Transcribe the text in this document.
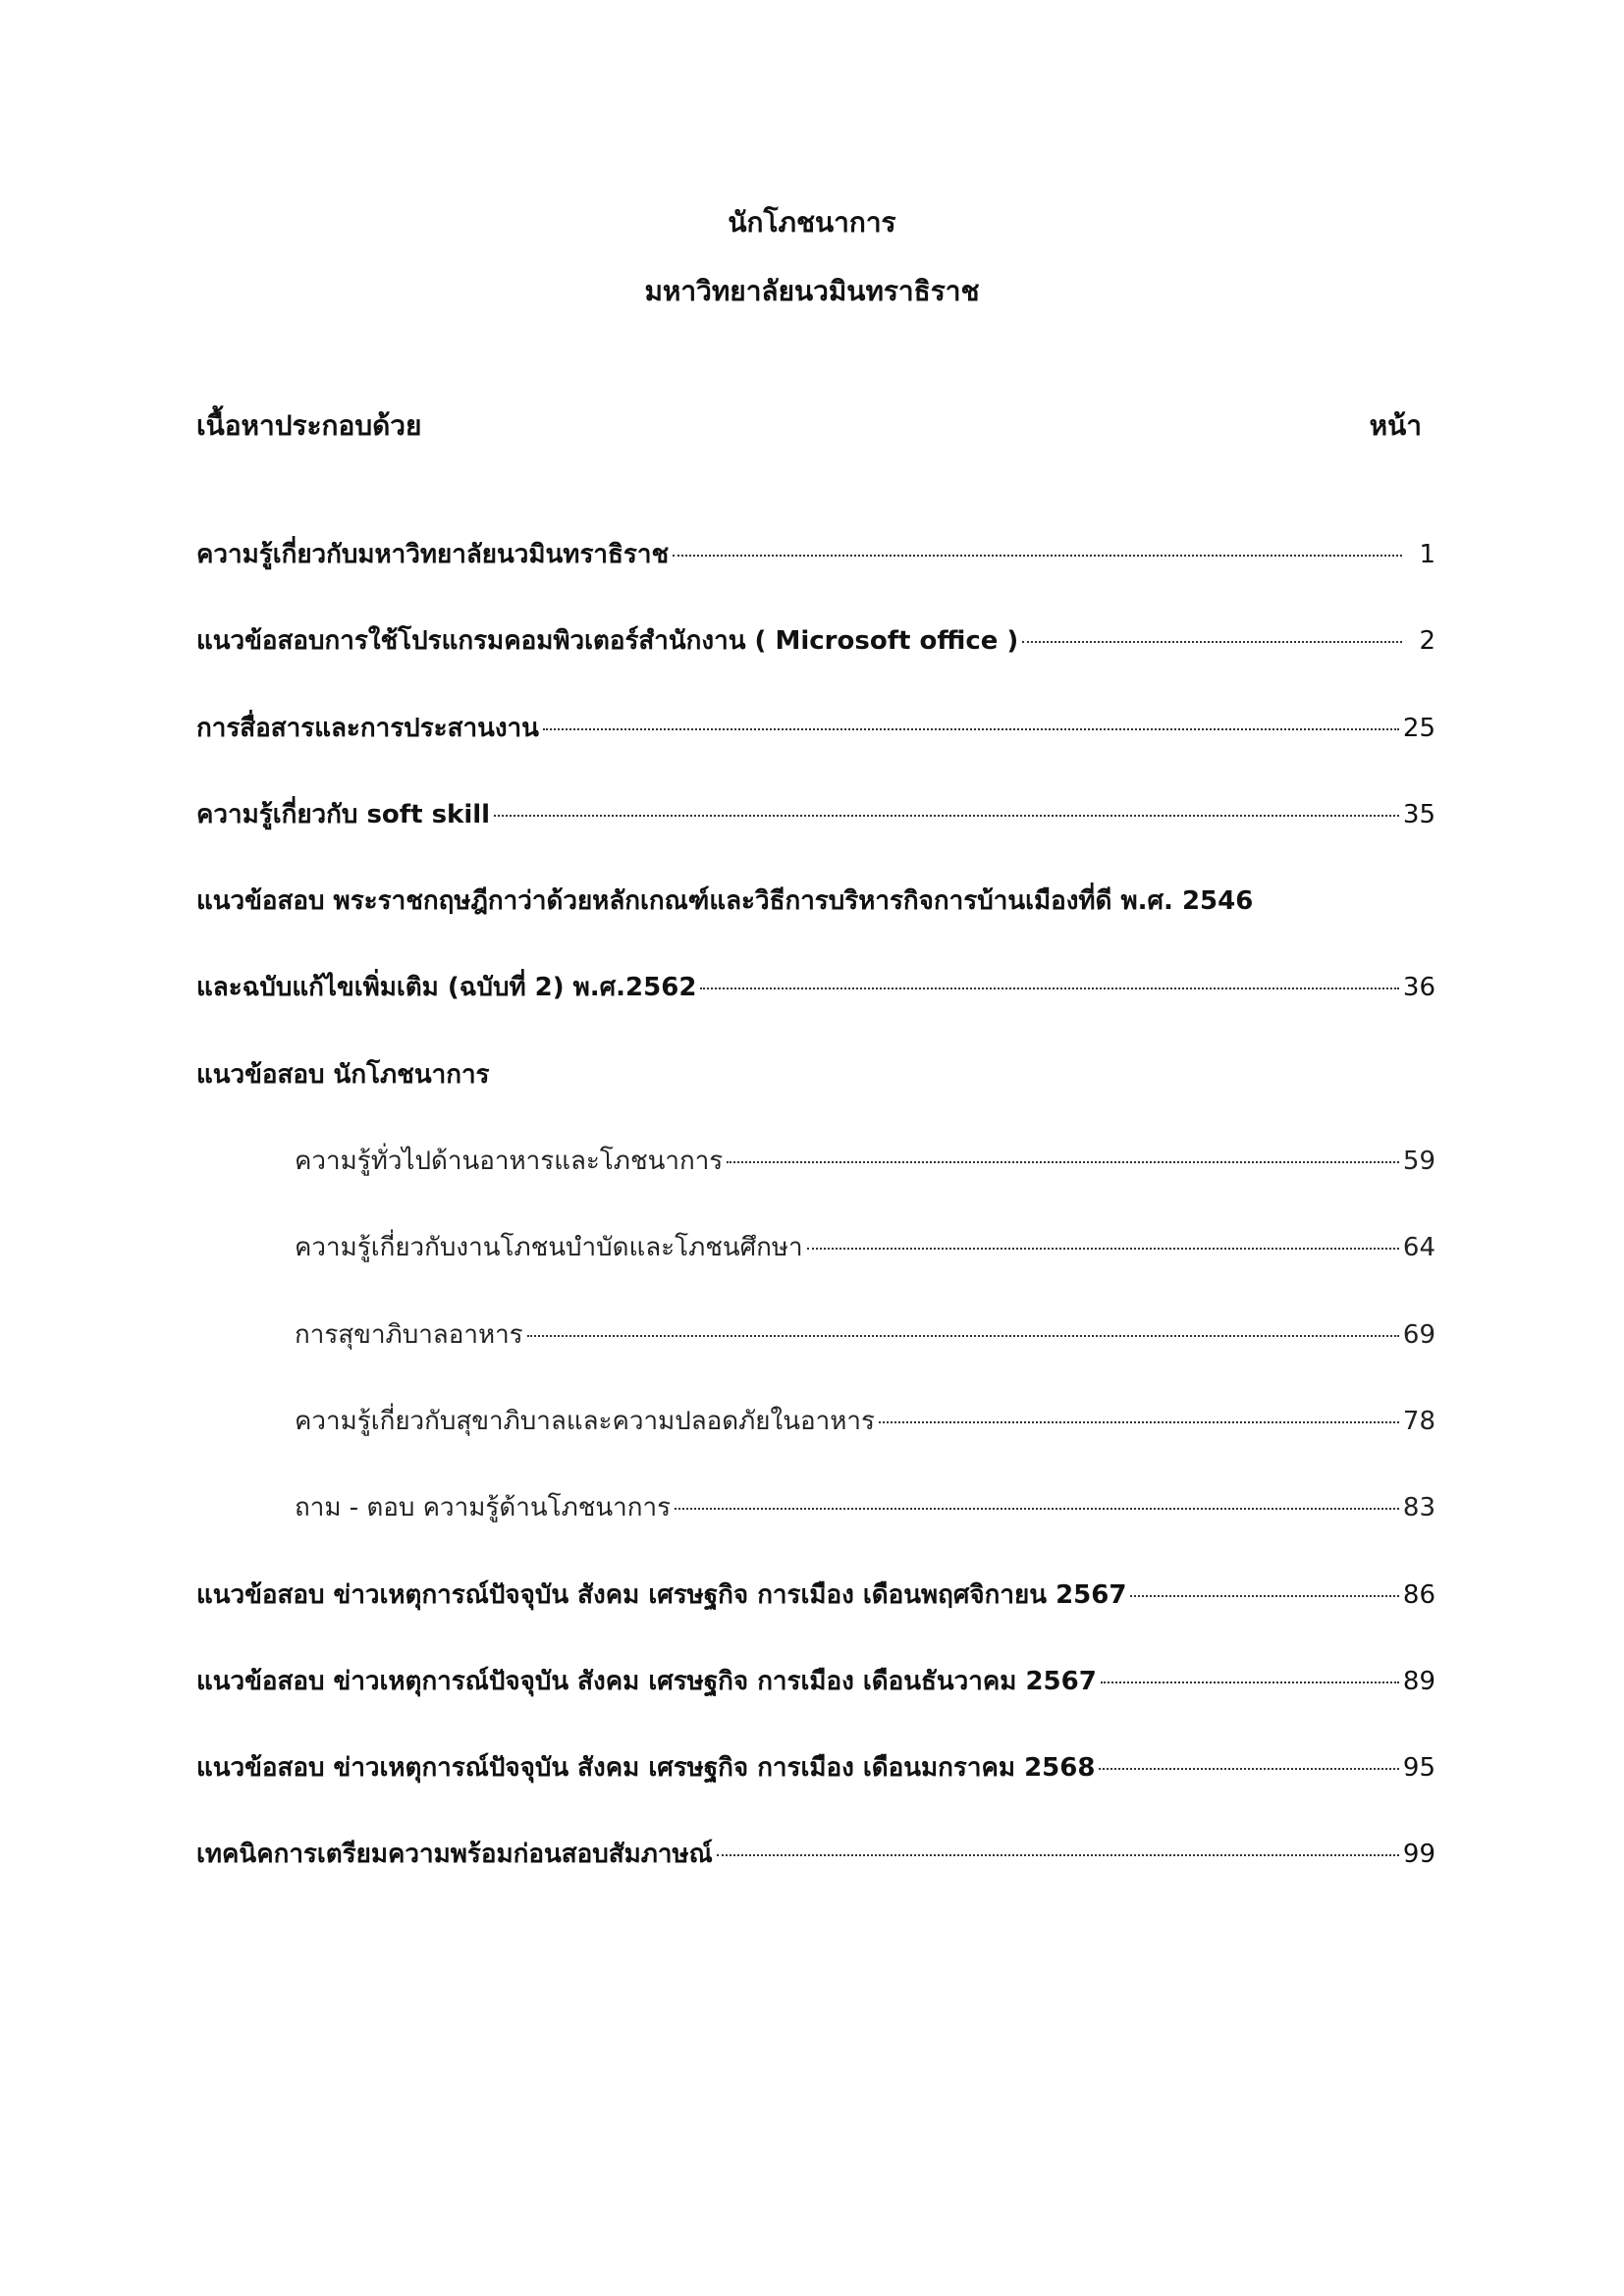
นักโภชนาการ
มหาวิทยาลัยนวมินทราธิราช
เนื้อหาประกอบด้วย	หน้า
ความรู้เกี่ยวกับมหาวิทยาลัยนวมินทราธิราช	1
แนวข้อสอบการใช้โปรแกรมคอมพิวเตอร์สำนักงาน ( Microsoft office )	2
การสื่อสารและการประสานงาน	25
ความรู้เกี่ยวกับ soft skill	35
แนวข้อสอบ พระราชกฤษฎีกาว่าด้วยหลักเกณฑ์และวิธีการบริหารกิจการบ้านเมืองที่ดี พ.ศ. 2546
และฉบับแก้ไขเพิ่มเติม (ฉบับที่ 2) พ.ศ.2562	36
แนวข้อสอบ นักโภชนาการ
ความรู้ทั่วไปด้านอาหารและโภชนาการ	59
ความรู้เกี่ยวกับงานโภชนบำบัดและโภชนศึกษา	64
การสุขาภิบาลอาหาร	69
ความรู้เกี่ยวกับสุขาภิบาลและความปลอดภัยในอาหาร	78
ถาม - ตอบ ความรู้ด้านโภชนาการ	83
แนวข้อสอบ ข่าวเหตุการณ์ปัจจุบัน สังคม เศรษฐกิจ การเมือง เดือนพฤศจิกายน 2567	86
แนวข้อสอบ ข่าวเหตุการณ์ปัจจุบัน สังคม เศรษฐกิจ การเมือง เดือนธันวาคม 2567	89
แนวข้อสอบ ข่าวเหตุการณ์ปัจจุบัน สังคม เศรษฐกิจ การเมือง เดือนมกราคม 2568	95
เทคนิคการเตรียมความพร้อมก่อนสอบสัมภาษณ์	99
